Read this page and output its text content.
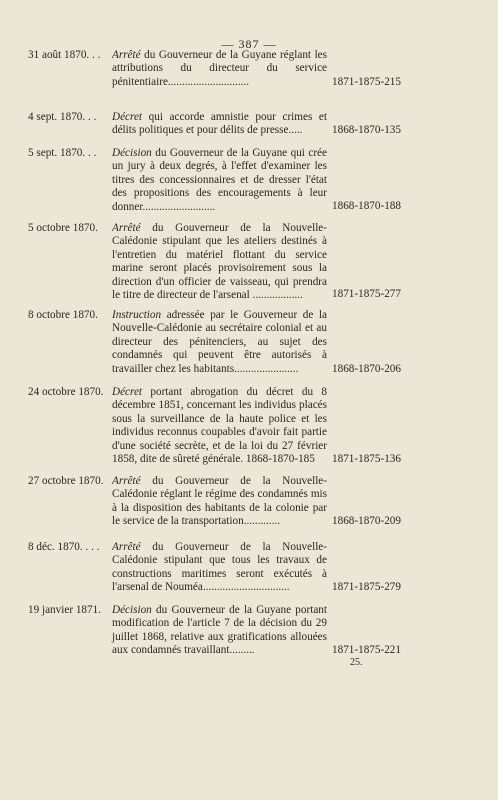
— 387 —
31 août 1870. . .	Arrêté du Gouverneur de la Guyane réglant les attributions du directeur du service pénitentiaire.............................	1871-1875-215
4 sept. 1870. . .	Décret qui accorde amnistie pour crimes et délits politiques et pour délits de presse.....	1868-1870-135
5 sept. 1870. . .	Décision du Gouverneur de la Guyane qui crée un jury à deux degrés, à l'effet d'examiner les titres des concessionnaires et de dresser l'état des propositions des encouragements à leur donner..........................	1868-1870-188
5 octobre 1870.	Arrêté du Gouverneur de la Nouvelle-Calédonie stipulant que les ateliers destinés à l'entretien du matériel flottant du service marine seront placés provisoirement sous la direction d'un officier de vaisseau, qui prendra le titre de directeur de l'arsenal ..................	1871-1875-277
8 octobre 1870.	Instruction adressée par le Gouverneur de la Nouvelle-Calédonie au secrétaire colonial et au directeur des pénitenciers, au sujet des condamnés qui peuvent être autorisés à travailler chez les habitants.......................	1868-1870-206
24 octobre 1870. Décret portant abrogation du décret du 8 décembre 1851, concernant les individus placés sous la surveillance de la haute police et les individus reconnus coupables d'avoir fait partie d'une société secrète, et de la loi du 27 février 1858, dite de sûreté générale. 1868-1870-185	1871-1875-136
27 octobre 1870. Arrêté du Gouverneur de la Nouvelle-Calédonie réglant le régime des condamnés mis à la disposition des habitants de la colonie par le service de la transportation.............	1868-1870-209
8 déc. 1870. . . .	Arrêté du Gouverneur de la Nouvelle-Calédonie stipulant que tous les travaux de constructions maritimes seront exécutés à l'arsenal de Nouméa...............................	1871-1875-279
19 janvier 1871. Décision du Gouverneur de la Guyane portant modification de l'article 7 de la décision du 29 juillet 1868, relative aux gratifications allouées aux condamnés travaillant.........	1871-1875-221
25.
